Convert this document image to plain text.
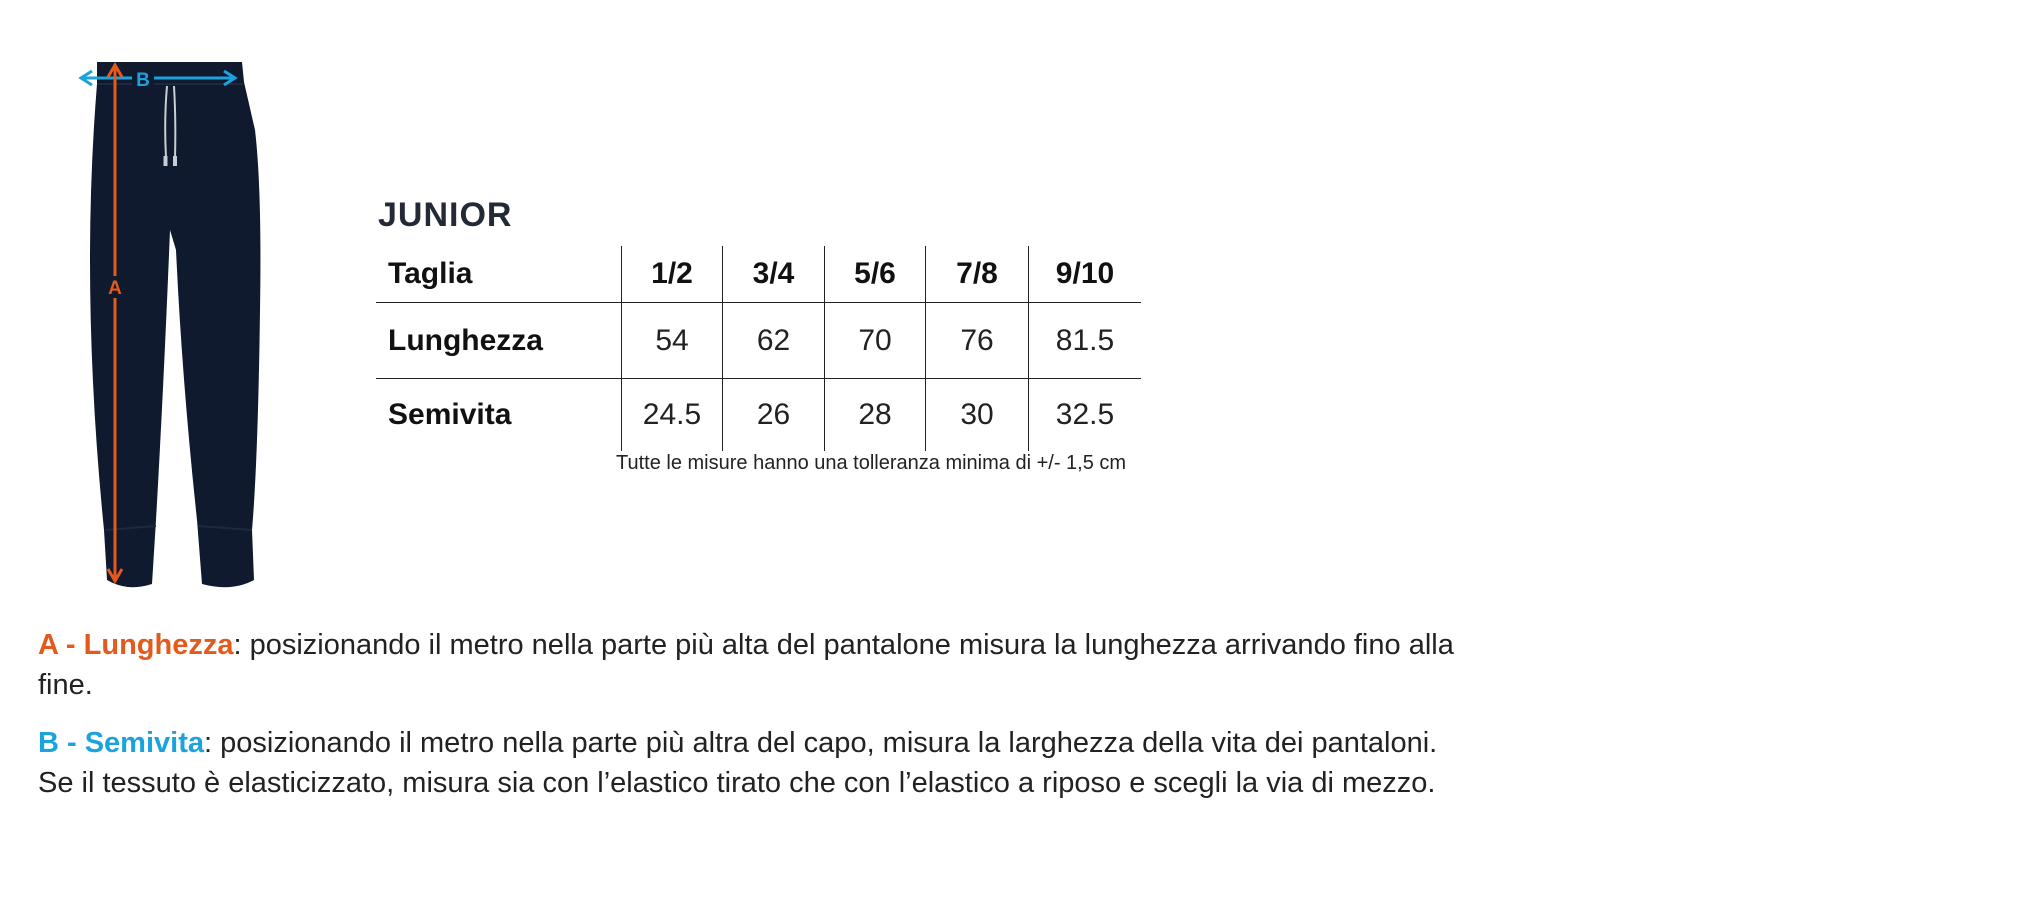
B
A
JUNIOR
Taglia	1/2	3/4	5/6	7/8	9/10
Lunghezza	54	62	70	76	81.5
Semivita	24.5	26	28	30	32.5
Tutte le misure hanno una tolleranza minima di +/- 1,5 cm
A - Lunghezza: posizionando il metro nella parte più alta del pantalone misura la lunghezza arrivando fino alla fine.
B - Semivita: posizionando il metro nella parte più altra del capo, misura la larghezza della vita dei pantaloni. Se il tessuto è elasticizzato, misura sia con l’elastico tirato che con l’elastico a riposo e scegli la via di mezzo.
